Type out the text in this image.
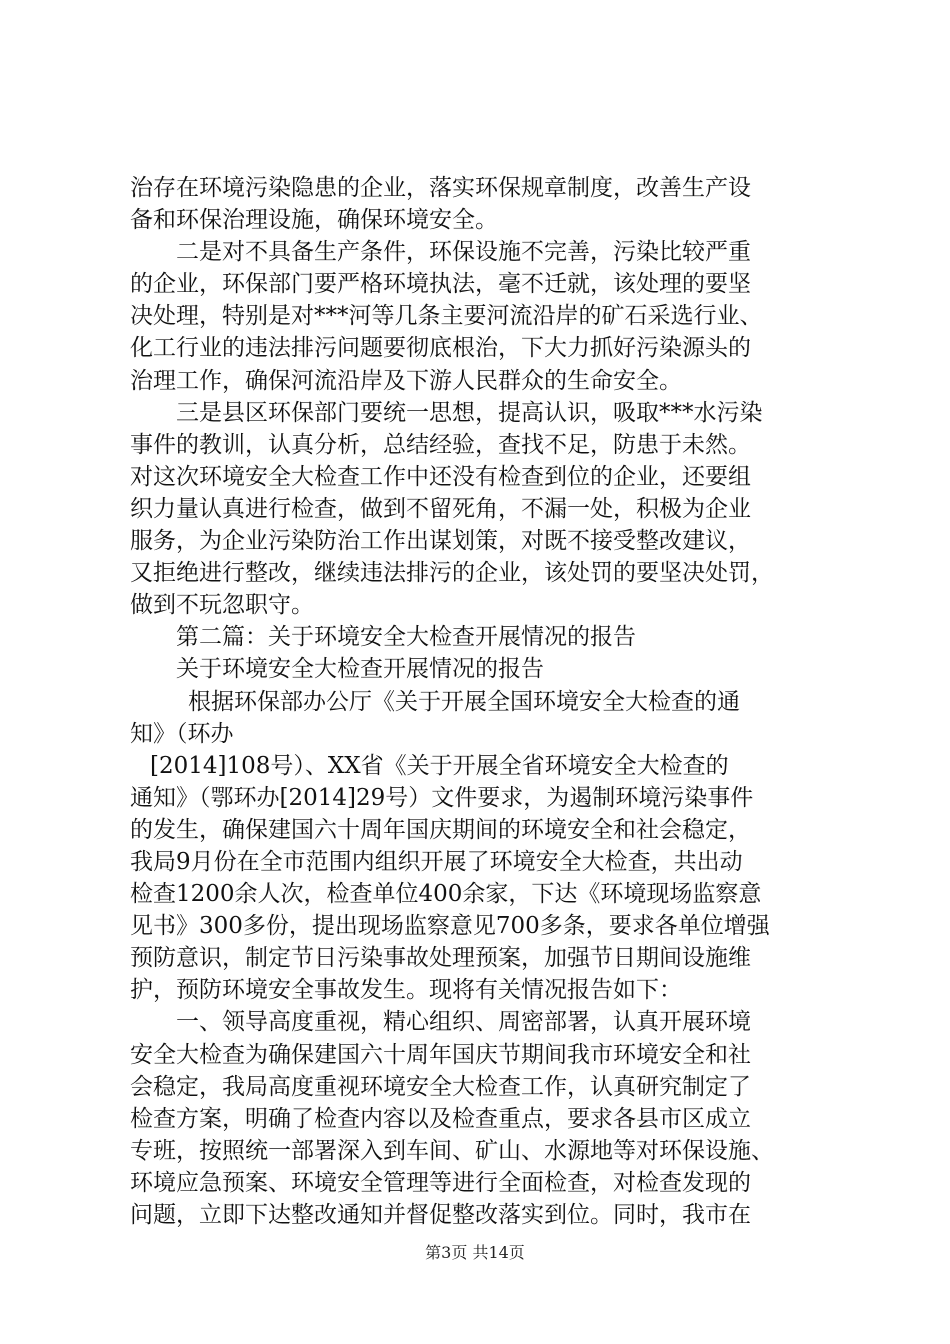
治存在环境污染隐患的企业，落实环保规章制度，改善生产设
备和环保治理设施，确保环境安全。
二是对不具备生产条件，环保设施不完善，污染比较严重
的企业，环保部门要严格环境执法，毫不迁就，该处理的要坚
决处理，特别是对***河等几条主要河流沿岸的矿石采选行业、
化工行业的违法排污问题要彻底根治，下大力抓好污染源头的
治理工作，确保河流沿岸及下游人民群众的生命安全。
三是县区环保部门要统一思想，提高认识，吸取***水污染
事件的教训，认真分析，总结经验，查找不足，防患于未然。
对这次环境安全大检查工作中还没有检查到位的企业，还要组
织力量认真进行检查，做到不留死角，不漏一处，积极为企业
服务，为企业污染防治工作出谋划策，对既不接受整改建议，
又拒绝进行整改，继续违法排污的企业，该处罚的要坚决处罚，
做到不玩忽职守。
第二篇：关于环境安全大检查开展情况的报告
关于环境安全大检查开展情况的报告
根据环保部办公厅《关于开展全国环境安全大检查的通
知》（环办
[2014]108号）、XX省《关于开展全省环境安全大检查的
通知》（鄂环办[2014]29号）文件要求，为遏制环境污染事件
的发生，确保建国六十周年国庆期间的环境安全和社会稳定，
我局9月份在全市范围内组织开展了环境安全大检查，共出动
检查1200余人次，检查单位400余家，下达《环境现场监察意
见书》300多份，提出现场监察意见700多条，要求各单位增强
预防意识，制定节日污染事故处理预案，加强节日期间设施维
护，预防环境安全事故发生。现将有关情况报告如下：
一、领导高度重视，精心组织、周密部署，认真开展环境
安全大检查为确保建国六十周年国庆节期间我市环境安全和社
会稳定，我局高度重视环境安全大检查工作，认真研究制定了
检查方案，明确了检查内容以及检查重点，要求各县市区成立
专班，按照统一部署深入到车间、矿山、水源地等对环保设施、
环境应急预案、环境安全管理等进行全面检查，对检查发现的
问题，立即下达整改通知并督促整改落实到位。同时，我市在
第3页 共14页
